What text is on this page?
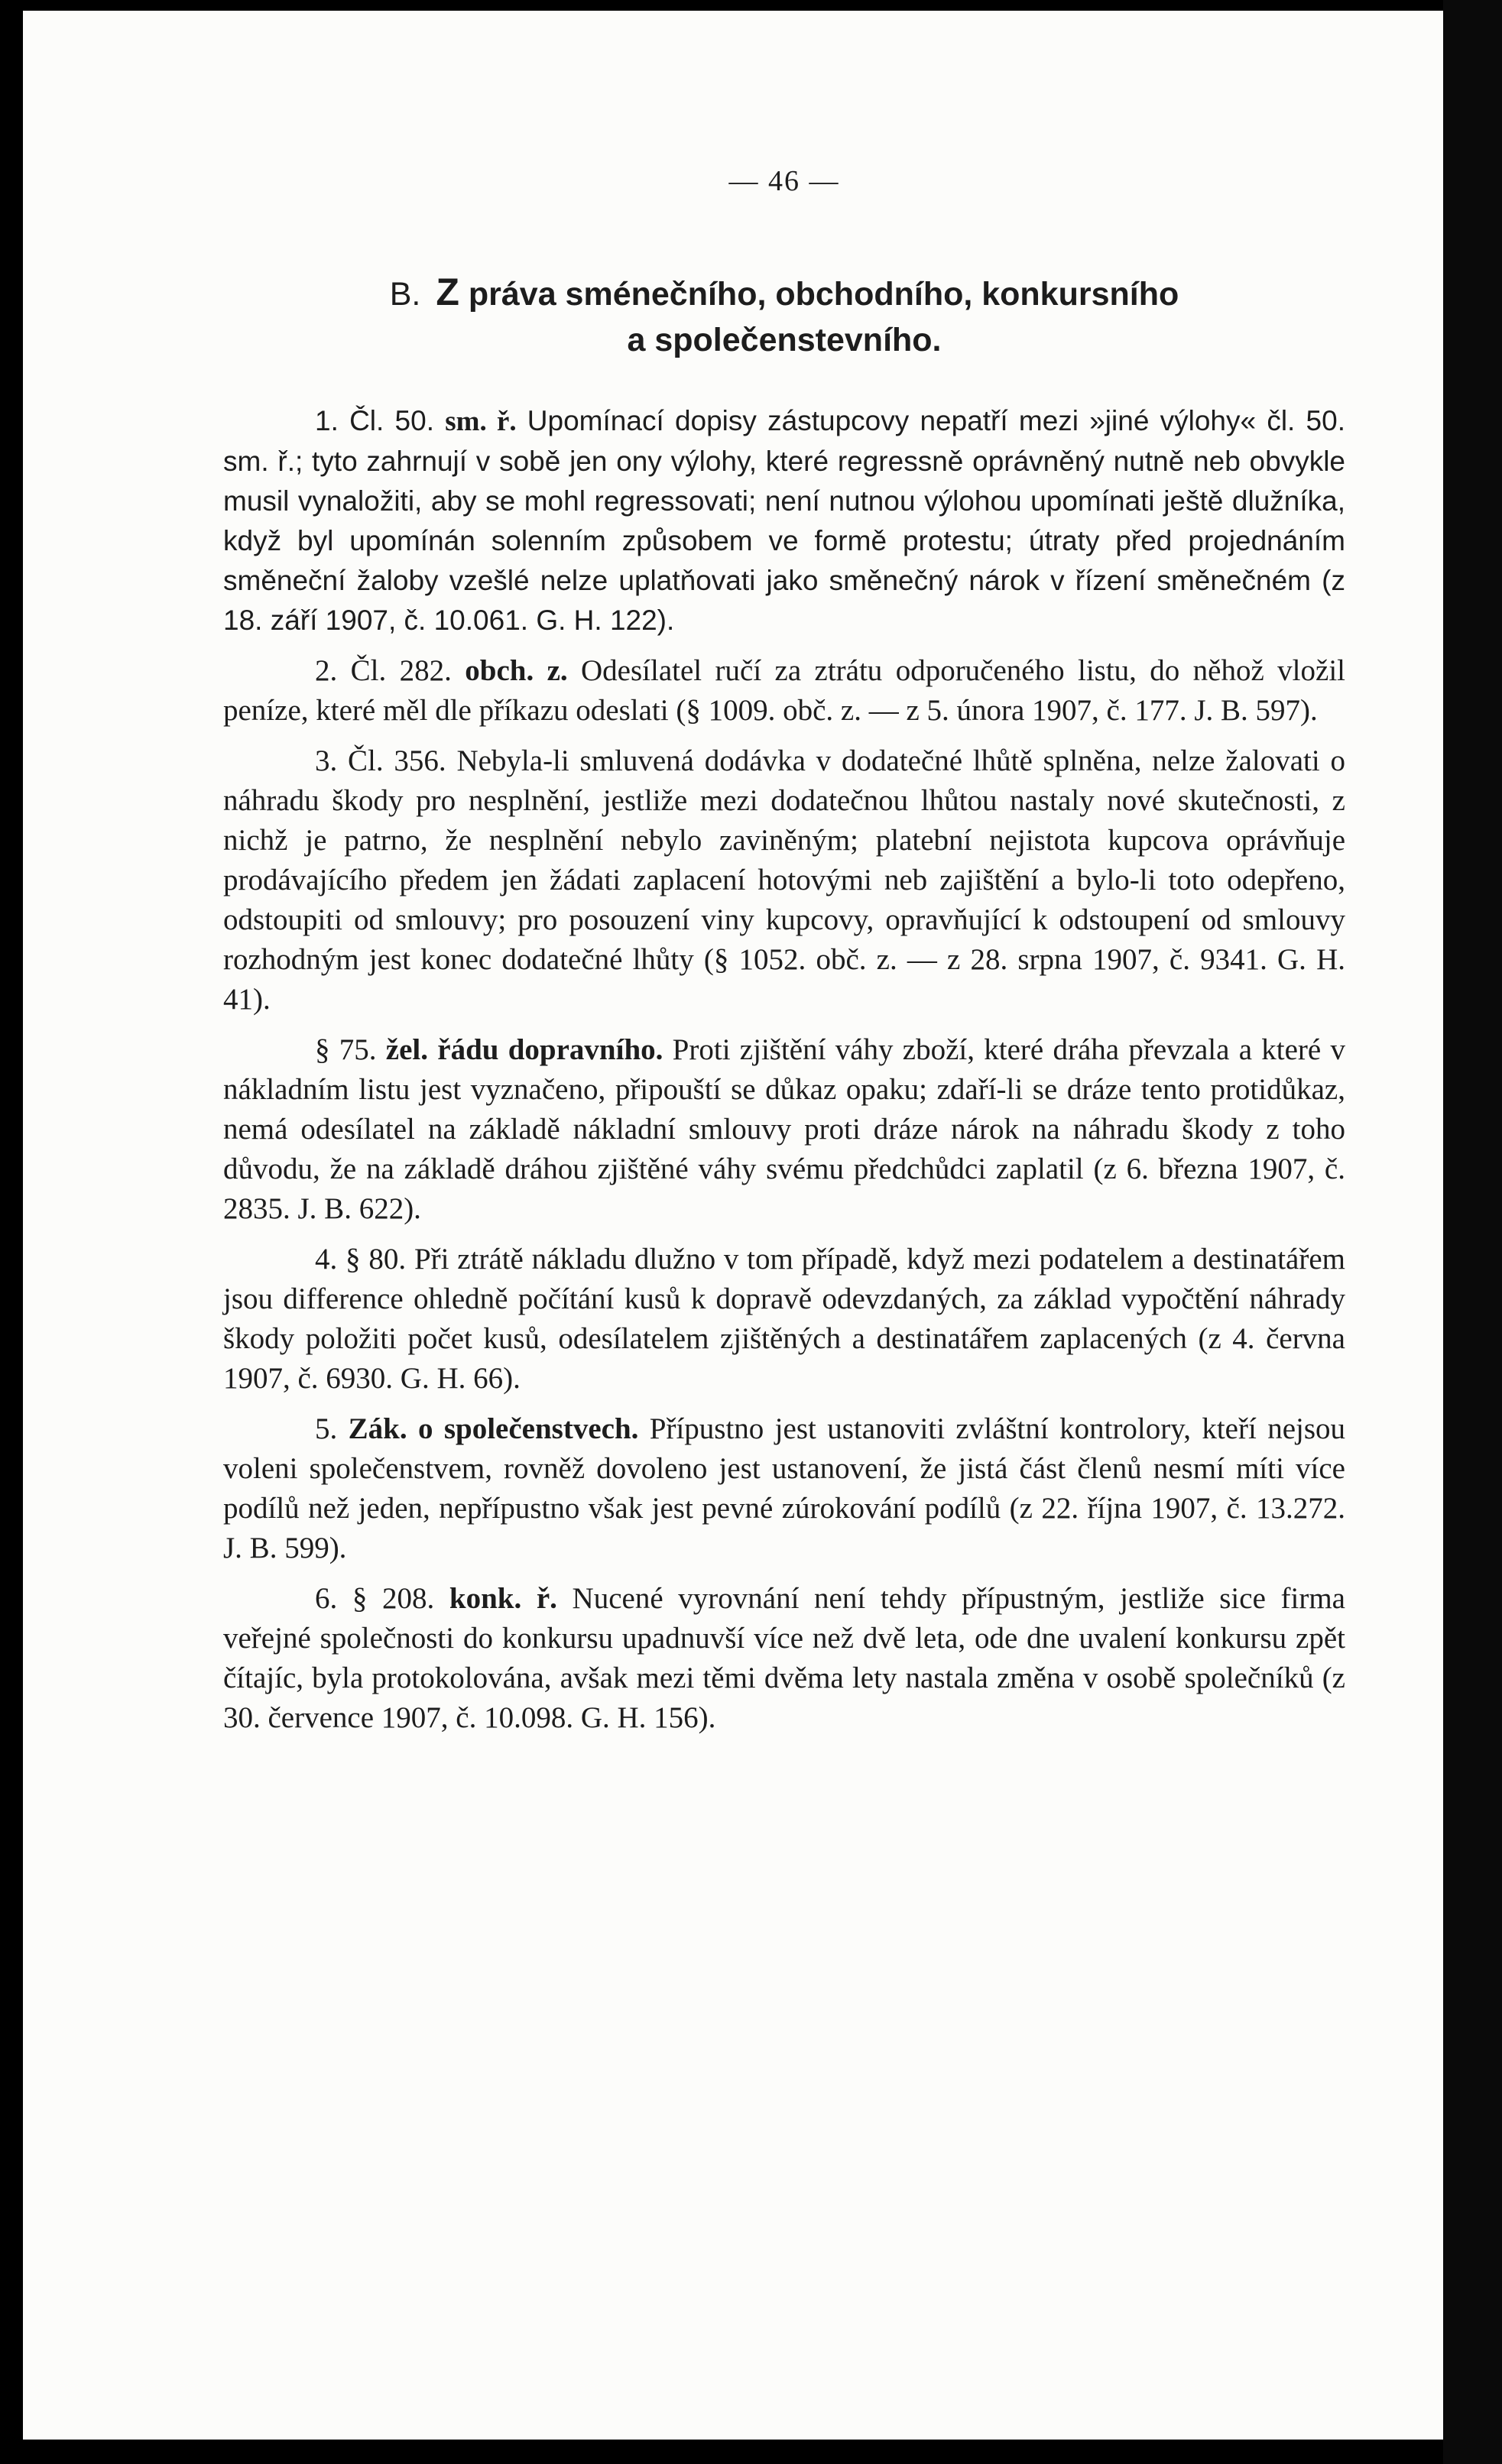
— 46 —
B. Z práva sménečního, obchodního, konkursního
a společenstevního.

1. Čl. 50. sm. ř. Upomínací dopisy zástupcovy nepatří mezi »jiné výlohy« čl. 50. sm. ř.; tyto zahrnují v sobě jen ony výlohy, které regressně oprávněný nutně neb obvykle musil vynaložiti, aby se mohl regressovati; není nutnou výlohou upomínati ještě dlužníka, když byl upomínán solenním způsobem ve formě protestu; útraty před projednáním směneční žaloby vzešlé nelze uplatňovati jako směnečný nárok v řízení směnečném (z 18. září 1907, č. 10.061. G. H. 122).

2. Čl. 282. obch. z. Odesílatel ručí za ztrátu odporučeného listu, do něhož vložil peníze, které měl dle příkazu odeslati (§ 1009. obč. z. — z 5. února 1907, č. 177. J. B. 597).

3. Čl. 356. Nebyla-li smluvená dodávka v dodatečné lhůtě splněna, nelze žalovati o náhradu škody pro nesplnění, jestliže mezi dodatečnou lhůtou nastaly nové skutečnosti, z nichž je patrno, že nesplnění nebylo zaviněným; platební nejistota kupcova oprávňuje prodávajícího předem jen žádati zaplacení hotovými neb zajištění a bylo-li toto odepřeno, odstoupiti od smlouvy; pro posouzení viny kupcovy, opravňující k odstoupení od smlouvy rozhodným jest konec dodatečné lhůty (§ 1052. obč. z. — z 28. srpna 1907, č. 9341. G. H. 41).

§ 75. žel. řádu dopravního. Proti zjištění váhy zboží, které dráha převzala a které v nákladním listu jest vyznačeno, připouští se důkaz opaku; zdaří-li se dráze tento protidůkaz, nemá odesílatel na základě nákladní smlouvy proti dráze nárok na náhradu škody z toho důvodu, že na základě dráhou zjištěné váhy svému předchůdci zaplatil (z 6. března 1907, č. 2835. J. B. 622).

4. § 80. Při ztrátě nákladu dlužno v tom případě, když mezi podatelem a destinatářem jsou difference ohledně počítání kusů k dopravě odevzdaných, za základ vypočtění náhrady škody položiti počet kusů, odesílatelem zjištěných a destinatářem zaplacených (z 4. června 1907, č. 6930. G. H. 66).

5. Zák. o společenstvech. Přípustno jest ustanoviti zvláštní kontrolory, kteří nejsou voleni společenstvem, rovněž dovoleno jest ustanovení, že jistá část členů nesmí míti více podílů než jeden, nepřípustno však jest pevné zúrokování podílů (z 22. října 1907, č. 13.272. J. B. 599).

6. § 208. konk. ř. Nucené vyrovnání není tehdy přípustným, jestliže sice firma veřejné společnosti do konkursu upadnuvší více než dvě leta, ode dne uvalení konkursu zpět čítajíc, byla protokolována, avšak mezi těmi dvěma lety nastala změna v osobě společníků (z 30. července 1907, č. 10.098. G. H. 156).
